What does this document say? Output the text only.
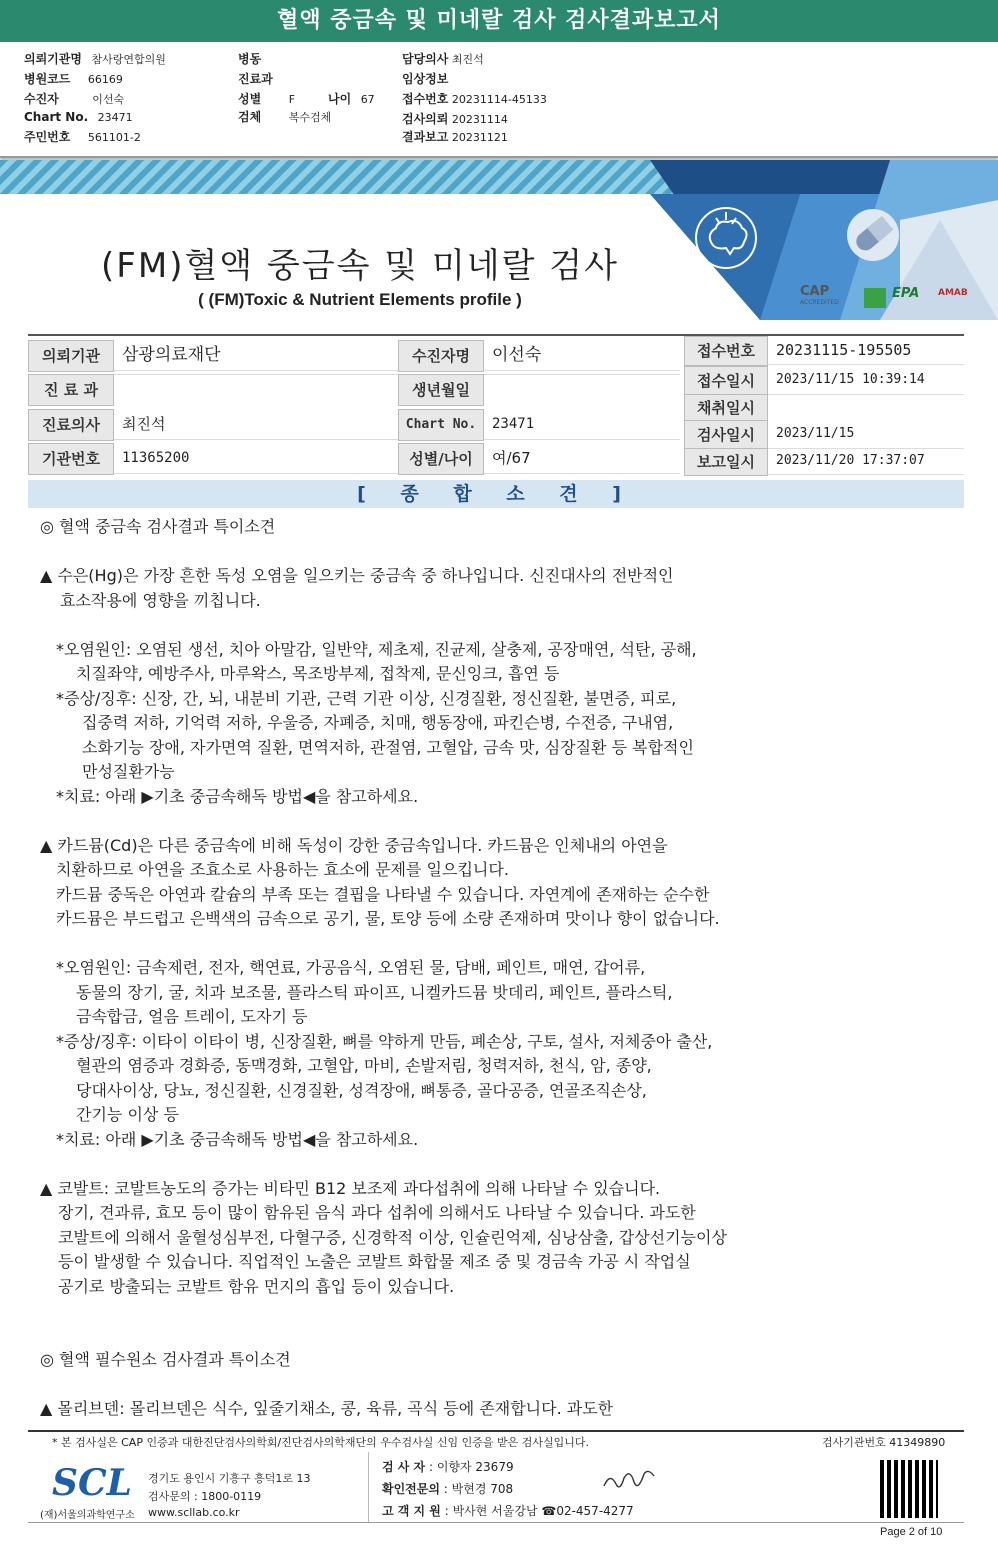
혈액 중금속 및 미네랄 검사 검사결과보고서
의뢰기관명 참사랑연합의원
병원코드 66169
수진자	이선숙
Chart No. 23471
주민번호 561101-2
병동
진료과
성별	F	나이 67
검체	복수검체
담당의사 최진석
임상정보
접수번호 20231114-45133
검사의뢰 20231114
결과보고 20231121
CAP
ACCREDITED
EPA AMAB
(FM)혈액 중금속 및 미네랄 검사
( (FM)Toxic & Nutrient Elements profile )
의뢰기관	삼광의료재단
진 료 과
진료의사	최진석
기관번호	11365200
수진자명	이선숙
생년월일
Chart No.	23471
성별/나이	여/67
접수번호	20231115-195505
접수일시	2023/11/15 10:39:14
채취일시
검사일시	2023/11/15
보고일시	2023/11/20 17:37:07
[ 종 합 소 견 ]
◎ 혈액 중금속 검사결과 특이소견
▲ 수은(Hg)은 가장 흔한 독성 오염을 일으키는 중금속 중 하나입니다. 신진대사의 전반적인
효소작용에 영향을 끼칩니다.
*오염원인: 오염된 생선, 치아 아말감, 일반약, 제초제, 진균제, 살충제, 공장매연, 석탄, 공해,
치질좌약, 예방주사, 마루왁스, 목조방부제, 접착제, 문신잉크, 흡연 등
*증상/징후: 신장, 간, 뇌, 내분비 기관, 근력 기관 이상, 신경질환, 정신질환, 불면증, 피로,
집중력 저하, 기억력 저하, 우울증, 자폐증, 치매, 행동장애, 파킨슨병, 수전증, 구내염,
소화기능 장애, 자가면역 질환, 면역저하, 관절염, 고혈압, 금속 맛, 심장질환 등 복합적인
만성질환가능
*치료: 아래 ▶기초 중금속해독 방법◀을 참고하세요.
▲ 카드뮴(Cd)은 다른 중금속에 비해 독성이 강한 중금속입니다. 카드뮴은 인체내의 아연을
치환하므로 아연을 조효소로 사용하는 효소에 문제를 일으킵니다.
카드뮴 중독은 아연과 칼슘의 부족 또는 결핍을 나타낼 수 있습니다. 자연계에 존재하는 순수한
카드뮴은 부드럽고 은백색의 금속으로 공기, 물, 토양 등에 소량 존재하며 맛이나 향이 없습니다.
*오염원인: 금속제련, 전자, 핵연료, 가공음식, 오염된 물, 담배, 페인트, 매연, 갑어류,
동물의 장기, 굴, 치과 보조물, 플라스틱 파이프, 니켈카드뮴 밧데리, 페인트, 플라스틱,
금속합금, 얼음 트레이, 도자기 등
*증상/징후: 이타이 이타이 병, 신장질환, 뼈를 약하게 만듬, 폐손상, 구토, 설사, 저체중아 출산,
혈관의 염증과 경화증, 동맥경화, 고혈압, 마비, 손발저림, 청력저하, 천식, 암, 종양,
당대사이상, 당뇨, 정신질환, 신경질환, 성격장애, 뼈통증, 골다공증, 연골조직손상,
간기능 이상 등
*치료: 아래 ▶기초 중금속해독 방법◀을 참고하세요.
▲ 코발트: 코발트농도의 증가는 비타민 B12 보조제 과다섭취에 의해 나타날 수 있습니다.
장기, 견과류, 효모 등이 많이 함유된 음식 과다 섭취에 의해서도 나타날 수 있습니다. 과도한
코발트에 의해서 울혈성심부전, 다혈구증, 신경학적 이상, 인슐린억제, 심낭삼출, 갑상선기능이상
등이 발생할 수 있습니다. 직업적인 노출은 코발트 화합물 제조 중 및 경금속 가공 시 작업실
공기로 방출되는 코발트 함유 먼지의 흡입 등이 있습니다.
◎ 혈액 필수원소 검사결과 특이소견
▲ 몰리브덴: 몰리브덴은 식수, 잎줄기채소, 콩, 육류, 곡식 등에 존재합니다. 과도한
* 본 검사실은 CAP 인증과 대한진단검사의학회/진단검사의학재단의 우수검사실 신임 인증을 받은 검사실입니다.	검사기관번호 41349890
SCL
(재)서울의과학연구소
경기도 용인시 기흥구 흥덕1로 13
검사문의 : 1800-0119
www.scllab.co.kr
검 사 자 : 이향자 23679
확인전문의 : 박현경 708
고 객 지 원 : 박사현 서울강남 ☎02-457-4277
Page 2 of 10
